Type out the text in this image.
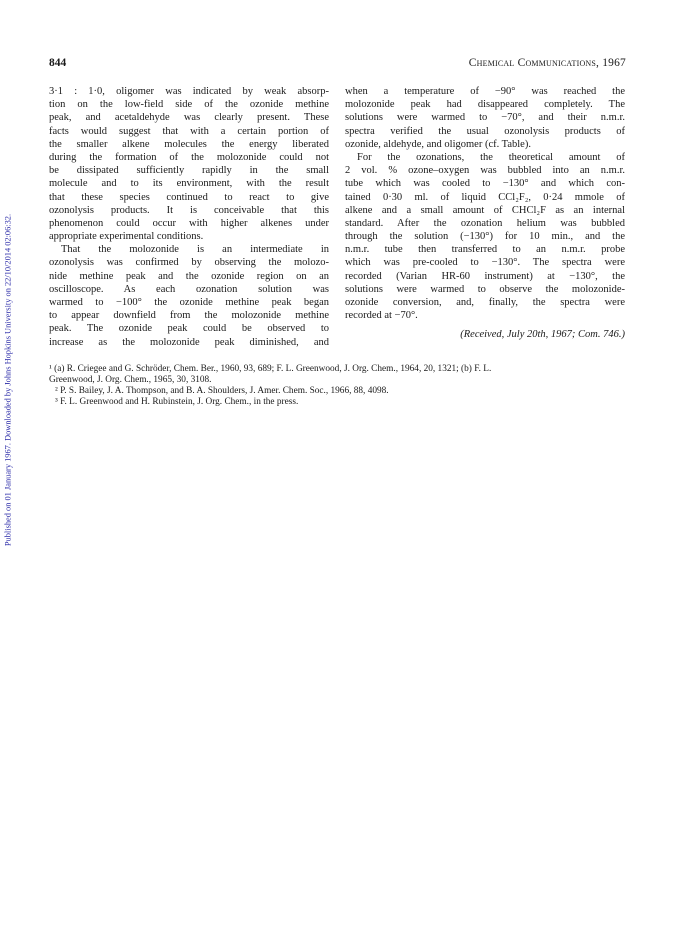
Published on 01 January 1967. Downloaded by Johns Hopkins University on 22/10/2014 02:06:32.
844	Chemical Communications, 1967
3·1 : 1·0, oligomer was indicated by weak absorp-
tion on the low-field side of the ozonide methine
peak, and acetaldehyde was clearly present. These
facts would suggest that with a certain portion of
the smaller alkene molecules the energy liberated
during the formation of the molozonide could not
be dissipated sufficiently rapidly in the small
molecule and to its environment, with the result
that these species continued to react to give
ozonolysis products. It is conceivable that this
phenomenon could occur with higher alkenes under
appropriate experimental conditions.
That the molozonide is an intermediate in
ozonolysis was confirmed by observing the molozo-
nide methine peak and the ozonide region on an
oscilloscope. As each ozonation solution was
warmed to −100° the ozonide methine peak began
to appear downfield from the molozonide methine
peak. The ozonide peak could be observed to
increase as the molozonide peak diminished, and
when a temperature of −90° was reached the
molozonide peak had disappeared completely. The
solutions were warmed to −70°, and their n.m.r.
spectra verified the usual ozonolysis products of
ozonide, aldehyde, and oligomer (cf. Table).
For the ozonations, the theoretical amount of
2 vol. % ozone–oxygen was bubbled into an n.m.r.
tube which was cooled to −130° and which con-
tained 0·30 ml. of liquid CCl₂F₂, 0·24 mmole of
alkene and a small amount of CHCl₂F as an internal
standard. After the ozonation helium was bubbled
through the solution (−130°) for 10 min., and the
n.m.r. tube then transferred to an n.m.r. probe
which was pre-cooled to −130°. The spectra were
recorded (Varian HR-60 instrument) at −130°, the
solutions were warmed to observe the molozonide-
ozonide conversion, and, finally, the spectra were
recorded at −70°.
(Received, July 20th, 1967; Com. 746.)
¹ (a) R. Criegee and G. Schröder, Chem. Ber., 1960, 93, 689; F. L. Greenwood, J. Org. Chem., 1964, 20, 1321; (b) F. L.
Greenwood, J. Org. Chem., 1965, 30, 3108.
² P. S. Bailey, J. A. Thompson, and B. A. Shoulders, J. Amer. Chem. Soc., 1966, 88, 4098.
³ F. L. Greenwood and H. Rubinstein, J. Org. Chem., in the press.
